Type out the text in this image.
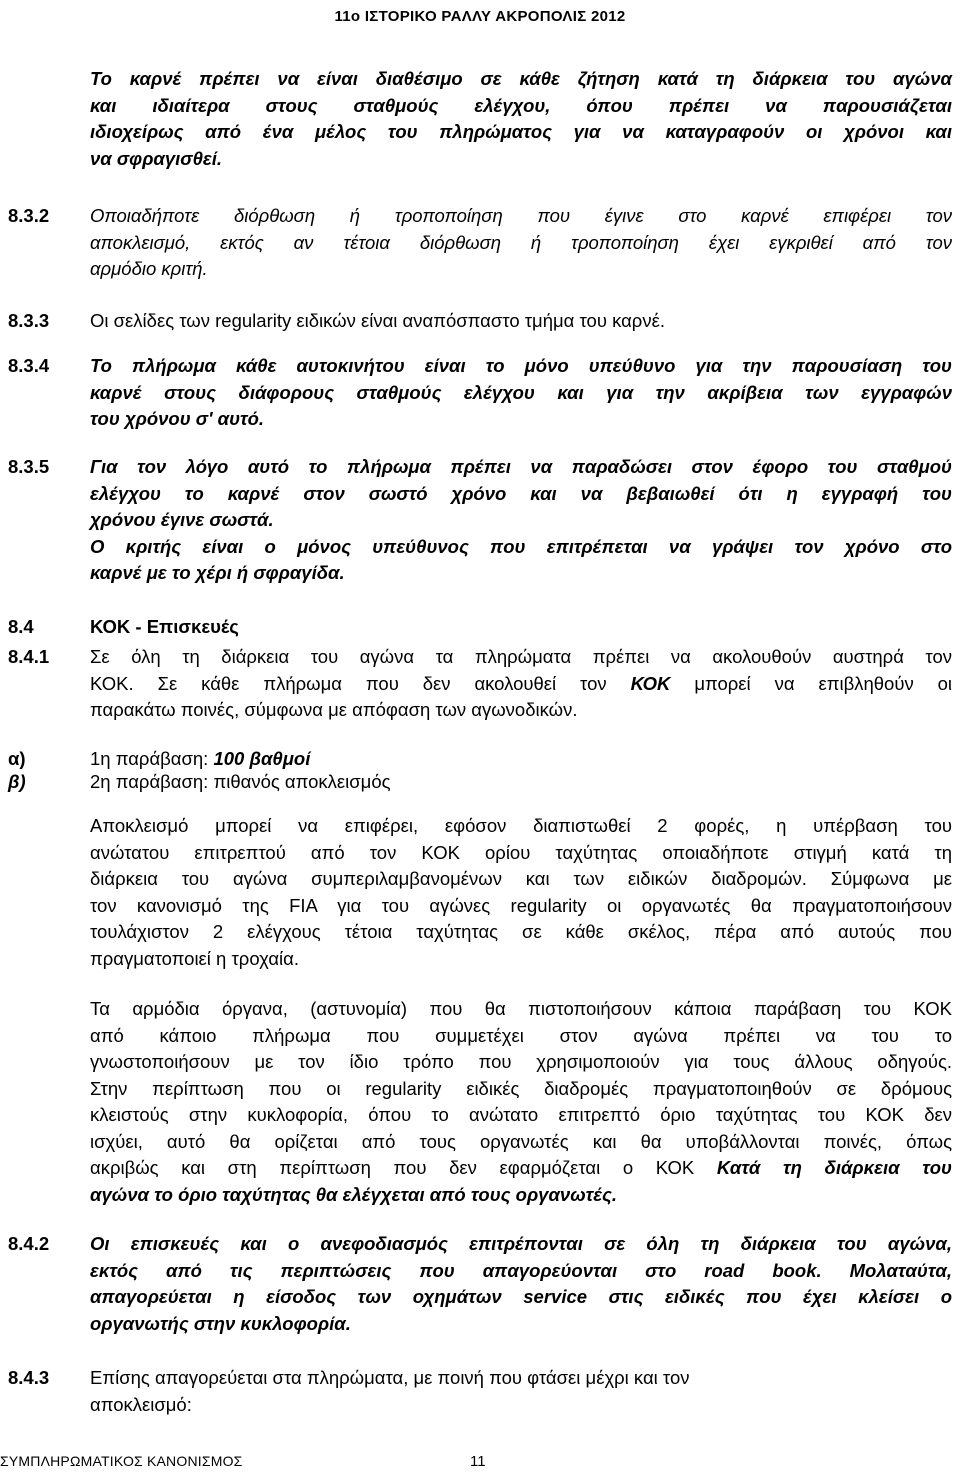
11ο ΙΣΤΟΡΙΚΟ ΡΑΛΛΥ ΑΚΡΟΠΟΛΙΣ 2012
Το καρνέ πρέπει να είναι διαθέσιμο σε κάθε ζήτηση κατά τη διάρκεια του αγώνα
και ιδιαίτερα στους σταθμούς ελέγχου, όπου πρέπει να παρουσιάζεται
ιδιοχείρως από ένα μέλος του πληρώματος για να καταγραφούν οι χρόνοι και
να σφραγισθεί.
8.3.2 Οποιαδήποτε διόρθωση ή τροποποίηση που έγινε στο καρνέ επιφέρει τον
αποκλεισμό, εκτός αν τέτοια διόρθωση ή τροποποίηση έχει εγκριθεί από τον
αρμόδιο κριτή.
8.3.3 Οι σελίδες των regularity ειδικών είναι αναπόσπαστο τμήμα του καρνέ.
8.3.4 Το πλήρωμα κάθε αυτοκινήτου είναι το μόνο υπεύθυνο για την παρουσίαση του
καρνέ στους διάφορους σταθμούς ελέγχου και για την ακρίβεια των εγγραφών
του χρόνου σ' αυτό.
8.3.5 Για τον λόγο αυτό το πλήρωμα πρέπει να παραδώσει στον έφορο του σταθμού
ελέγχου το καρνέ στον σωστό χρόνο και να βεβαιωθεί ότι η εγγραφή του
χρόνου έγινε σωστά.
Ο κριτής είναι ο μόνος υπεύθυνος που επιτρέπεται να γράψει τον χρόνο στο
καρνέ με το χέρι ή σφραγίδα.
8.4	ΚΟΚ - Επισκευές
8.4.1 Σε όλη τη διάρκεια του αγώνα τα πληρώματα πρέπει να ακολουθούν αυστηρά τον
ΚΟΚ. Σε κάθε πλήρωμα που δεν ακολουθεί τον ΚΟΚ μπορεί να επιβληθούν οι
παρακάτω ποινές, σύμφωνα με απόφαση των αγωνοδικών.
α)	1η παράβαση: 100 βαθμοί
β)	2η παράβαση: πιθανός αποκλεισμός
Αποκλεισμό μπορεί να επιφέρει, εφόσον διαπιστωθεί 2 φορές, η υπέρβαση του
ανώτατου επιτρεπτού από τον ΚΟΚ ορίου ταχύτητας οποιαδήποτε στιγμή κατά τη
διάρκεια του αγώνα συμπεριλαμβανομένων και των ειδικών διαδρομών. Σύμφωνα με
τον κανονισμό της FIA για του αγώνες regularity οι οργανωτές θα πραγματοποιήσουν
τουλάχιστον 2 ελέγχους τέτοια ταχύτητας σε κάθε σκέλος, πέρα από αυτούς που
πραγματοποιεί η τροχαία.
Τα αρμόδια όργανα, (αστυνομία) που θα πιστοποιήσουν κάποια παράβαση του ΚΟΚ
από κάποιο πλήρωμα που συμμετέχει στον αγώνα πρέπει να του το
γνωστοποιήσουν με τον ίδιο τρόπο που χρησιμοποιούν για τους άλλους οδηγούς.
Στην περίπτωση που οι regularity ειδικές διαδρομές πραγματοποιηθούν σε δρόμους
κλειστούς στην κυκλοφορία, όπου το ανώτατο επιτρεπτό όριο ταχύτητας του ΚΟΚ δεν
ισχύει, αυτό θα ορίζεται από τους οργανωτές και θα υποβάλλονται ποινές, όπως
ακριβώς και στη περίπτωση που δεν εφαρμόζεται ο ΚΟΚ Κατά τη διάρκεια του
αγώνα το όριο ταχύτητας θα ελέγχεται από τους οργανωτές.
8.4.2 Οι επισκευές και ο ανεφοδιασμός επιτρέπονται σε όλη τη διάρκεια του αγώνα,
εκτός από τις περιπτώσεις που απαγορεύονται στο road book. Μολαταύτα,
απαγορεύεται η είσοδος των οχημάτων service στις ειδικές που έχει κλείσει ο
οργανωτής στην κυκλοφορία.
8.4.3 Επίσης απαγορεύεται στα πληρώματα, με ποινή που φτάσει μέχρι και τον
αποκλεισμό:
ΣΥΜΠΛΗΡΩΜΑΤΙΚΟΣ ΚΑΝΟΝΙΣΜΟΣ	11
